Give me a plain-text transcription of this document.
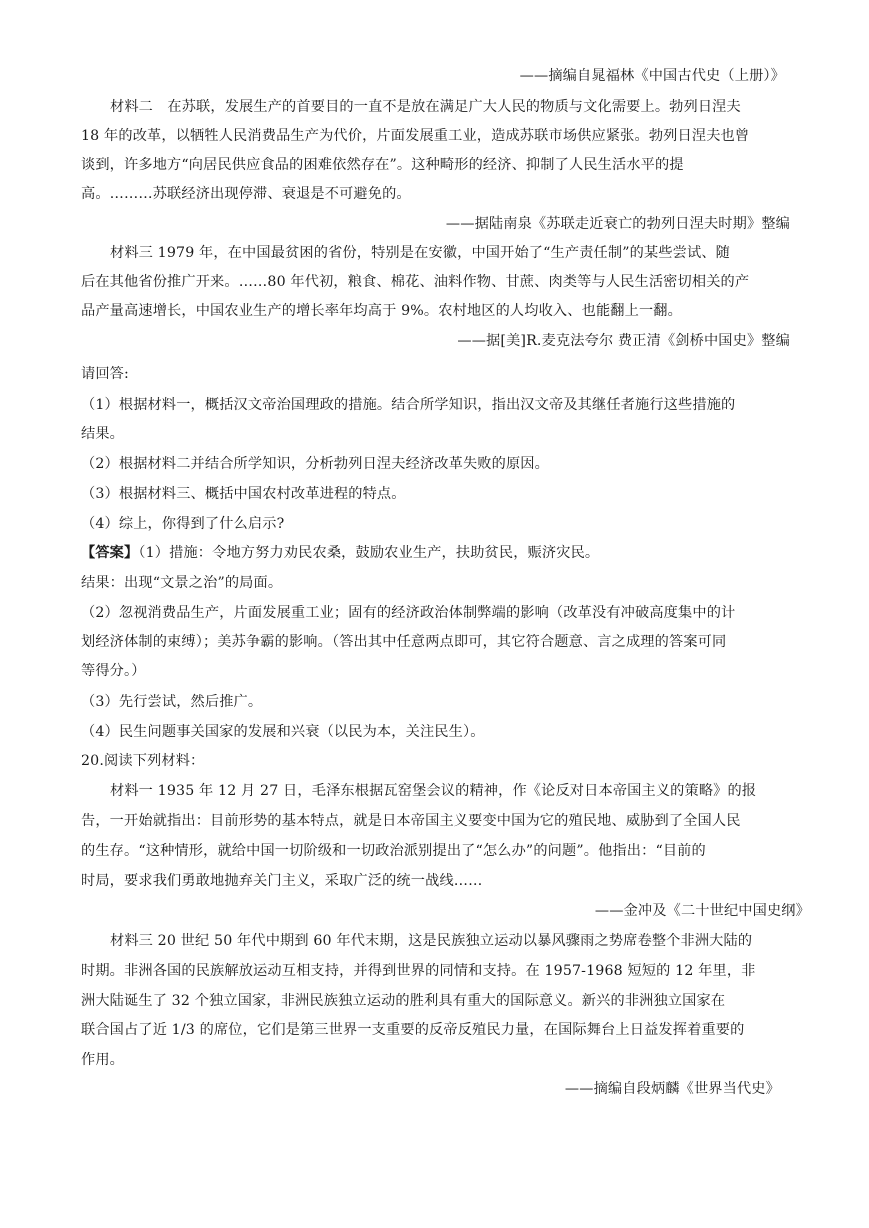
——摘编自晁福林《中国古代史（上册）》
材料二　在苏联，发展生产的首要目的一直不是放在满足广大人民的物质与文化需要上。勃列日涅夫
18 年的改革，以牺牲人民消费品生产为代价，片面发展重工业，造成苏联市场供应紧张。勃列日涅夫也曾
谈到，许多地方“向居民供应食品的困难依然存在”。这种畸形的经济、抑制了人民生活水平的提
高。………苏联经济出现停滞、衰退是不可避免的。
——据陆南泉《苏联走近衰亡的勃列日涅夫时期》整编
材料三 1979 年，在中国最贫困的省份，特别是在安徽，中国开始了“生产责任制”的某些尝试、随
后在其他省份推广开来。……80 年代初，粮食、棉花、油料作物、甘蔗、肉类等与人民生活密切相关的产
品产量高速增长，中国农业生产的增长率年均高于 9%。农村地区的人均收入、也能翻上一翻。
——据[美]R.麦克法夸尔 费正清《剑桥中国史》整编
请回答:
（1）根据材料一，概括汉文帝治国理政的措施。结合所学知识，指出汉文帝及其继任者施行这些措施的
结果。
（2）根据材料二并结合所学知识，分析勃列日涅夫经济改革失败的原因。
（3）根据材料三、概括中国农村改革进程的特点。
（4）综上，你得到了什么启示?
【答案】（1）措施：令地方努力劝民农桑，鼓励农业生产，扶助贫民，赈济灾民。
结果：出现“文景之治”的局面。
（2）忽视消费品生产，片面发展重工业；固有的经济政治体制弊端的影响（改革没有冲破高度集中的计
划经济体制的束缚）；美苏争霸的影响。（答出其中任意两点即可，其它符合题意、言之成理的答案可同
等得分。）
（3）先行尝试，然后推广。
（4）民生问题事关国家的发展和兴衰（以民为本，关注民生）。
20.阅读下列材料：
材料一 1935 年 12 月 27 日，毛泽东根据瓦窑堡会议的精神，作《论反对日本帝国主义的策略》的报
告，一开始就指出：目前形势的基本特点，就是日本帝国主义要变中国为它的殖民地、威胁到了全国人民
的生存。“这种情形，就给中国一切阶级和一切政治派别提出了“怎么办”的问题”。他指出：“目前的
时局，要求我们勇敢地抛弃关门主义，采取广泛的统一战线……
——金冲及《二十世纪中国史纲》
材料三 20 世纪 50 年代中期到 60 年代末期，这是民族独立运动以暴风骤雨之势席卷整个非洲大陆的
时期。非洲各国的民族解放运动互相支持，并得到世界的同情和支持。在 1957-1968 短短的 12 年里，非
洲大陆诞生了 32 个独立国家，非洲民族独立运动的胜利具有重大的国际意义。新兴的非洲独立国家在
联合国占了近 1/3 的席位，它们是第三世界一支重要的反帝反殖民力量，在国际舞台上日益发挥着重要的
作用。
——摘编自段炳麟《世界当代史》
